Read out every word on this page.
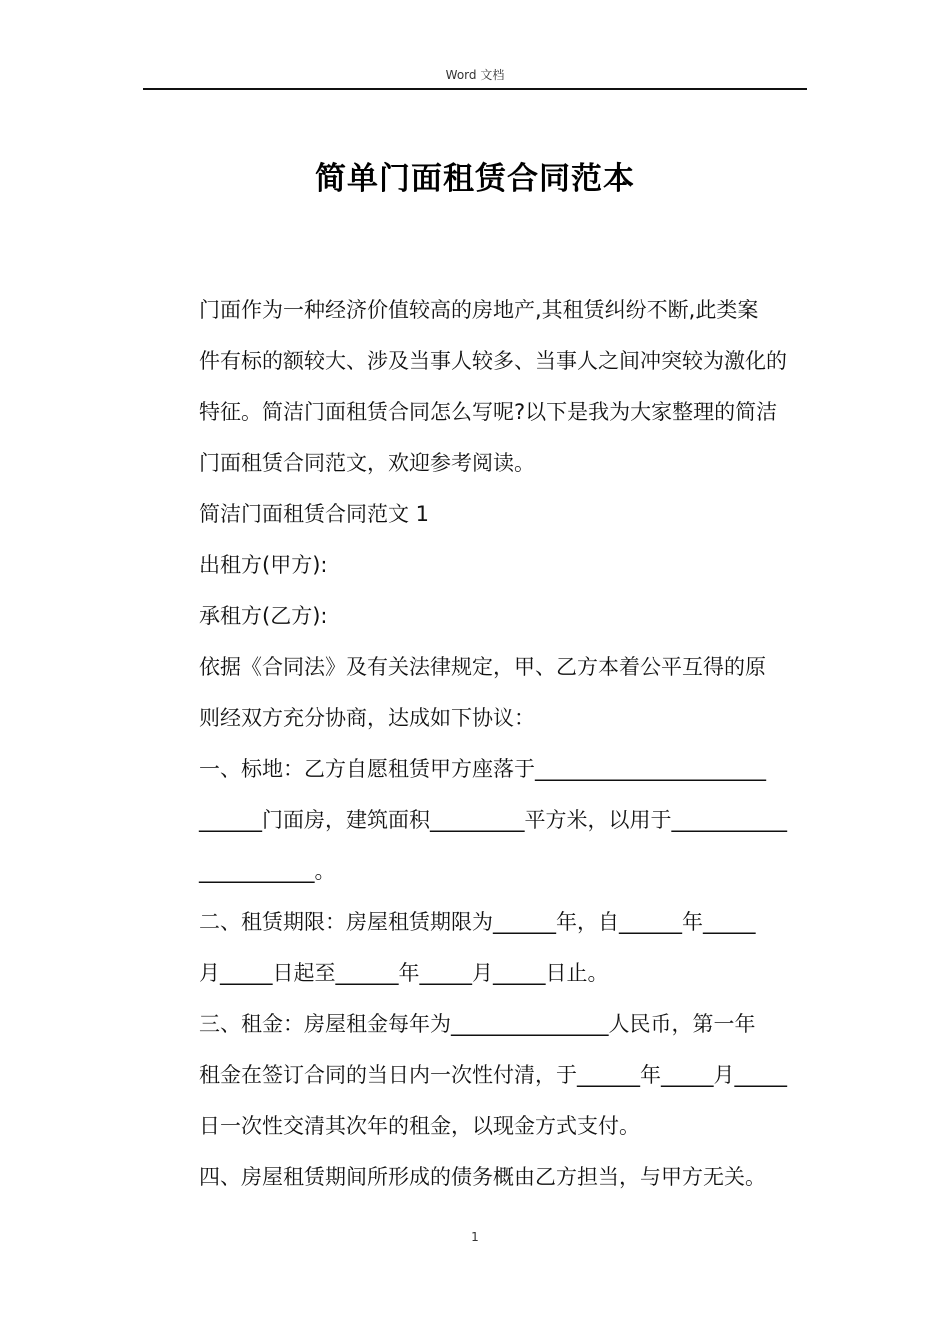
Word 文档
简单门面租赁合同范本
门面作为一种经济价值较高的房地产,其租赁纠纷不断,此类案
件有标的额较大、涉及当事人较多、当事人之间冲突较为激化的
特征。简洁门面租赁合同怎么写呢?以下是我为大家整理的简洁
门面租赁合同范文，欢迎参考阅读。
简洁门面租赁合同范文 1
出租方(甲方):
承租方(乙方):
依据《合同法》及有关法律规定，甲、乙方本着公平互得的原
则经双方充分协商，达成如下协议：
一、标地：乙方自愿租赁甲方座落于______________________
______门面房，建筑面积_________平方米，以用于___________
___________。
二、租赁期限：房屋租赁期限为______年，自______年_____
月_____日起至______年_____月_____日止。
三、租金：房屋租金每年为_______________人民币，第一年
租金在签订合同的当日内一次性付清，于______年_____月_____
日一次性交清其次年的租金，以现金方式支付。
四、房屋租赁期间所形成的债务概由乙方担当，与甲方无关。
1
